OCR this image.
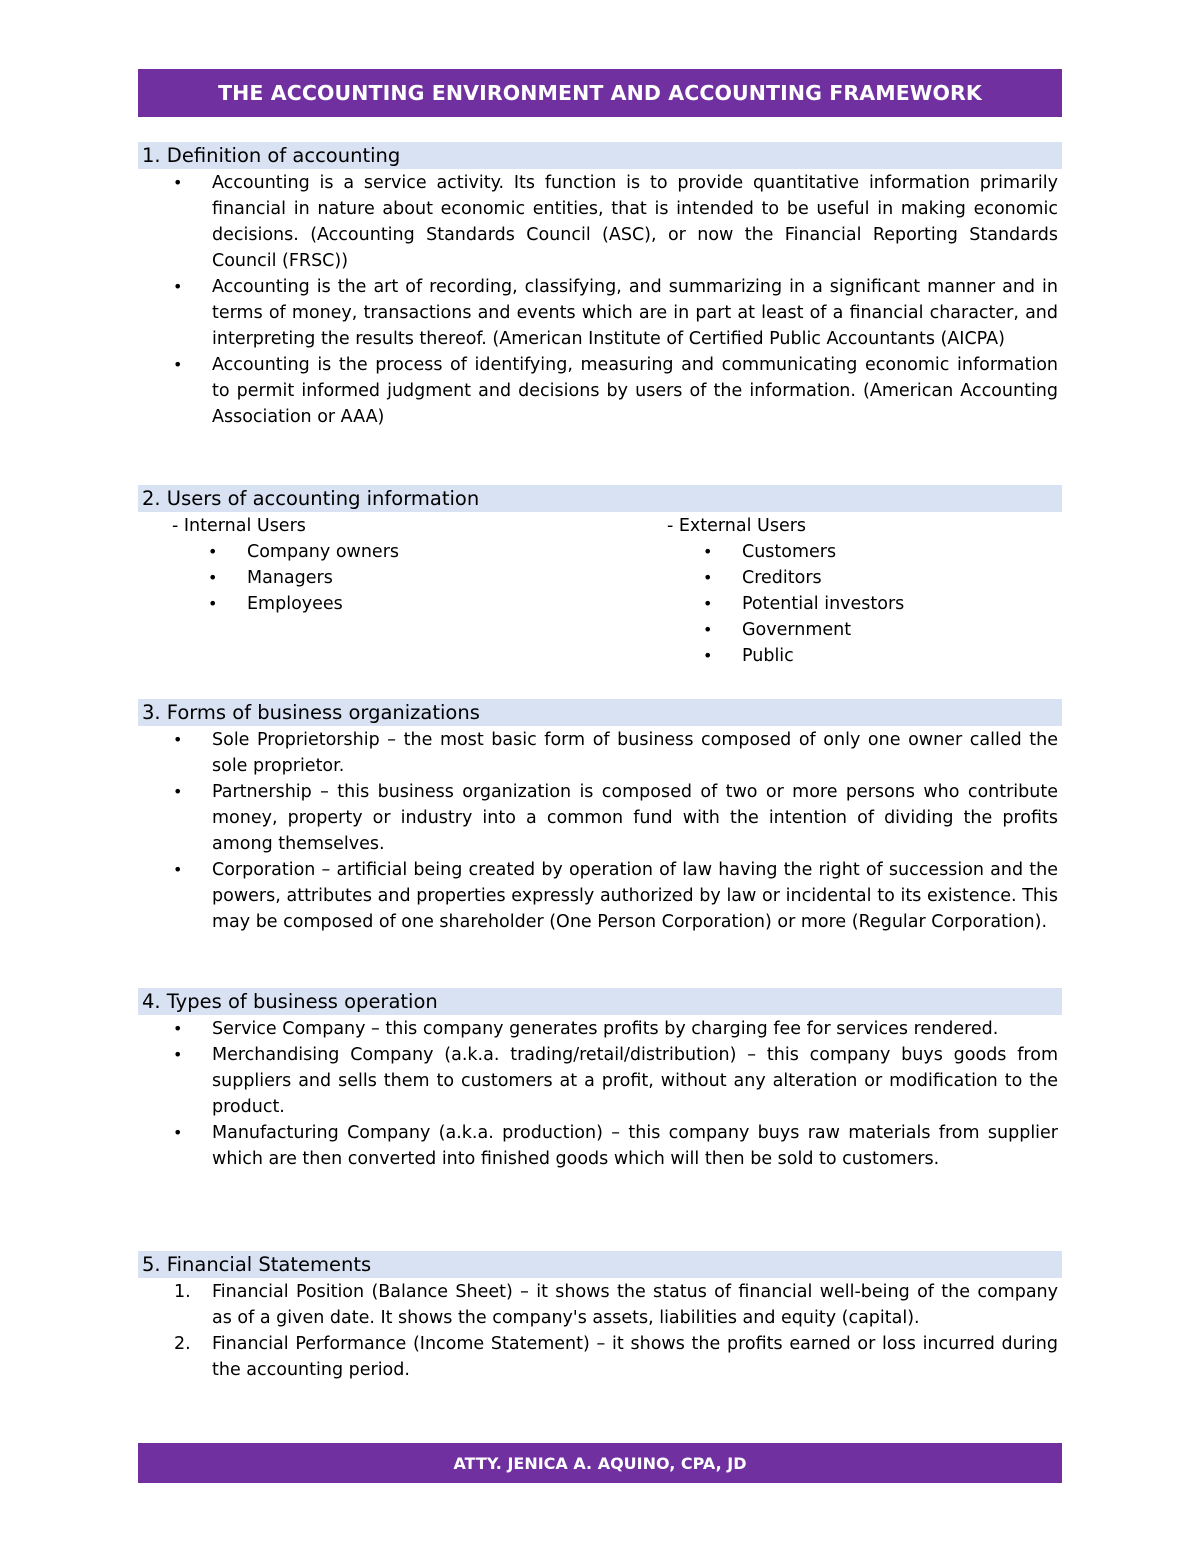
THE ACCOUNTING ENVIRONMENT AND ACCOUNTING FRAMEWORK
1. Definition of accounting
• Accounting is a service activity. Its function is to provide quantitative information primarily financial in nature about economic entities, that is intended to be useful in making economic decisions. (Accounting Standards Council (ASC), or now the Financial Reporting Standards Council (FRSC))
• Accounting is the art of recording, classifying, and summarizing in a significant manner and in terms of money, transactions and events which are in part at least of a financial character, and interpreting the results thereof. (American Institute of Certified Public Accountants (AICPA)
• Accounting is the process of identifying, measuring and communicating economic information to permit informed judgment and decisions by users of the information. (American Accounting Association or AAA)
2. Users of accounting information
- Internal Users
• Company owners
• Managers
• Employees
- External Users
• Customers
• Creditors
• Potential investors
• Government
• Public
3. Forms of business organizations
• Sole Proprietorship – the most basic form of business composed of only one owner called the sole proprietor.
• Partnership – this business organization is composed of two or more persons who contribute money, property or industry into a common fund with the intention of dividing the profits among themselves.
• Corporation – artificial being created by operation of law having the right of succession and the powers, attributes and properties expressly authorized by law or incidental to its existence. This may be composed of one shareholder (One Person Corporation) or more (Regular Corporation).
4. Types of business operation
• Service Company – this company generates profits by charging fee for services rendered.
• Merchandising Company (a.k.a. trading/retail/distribution) – this company buys goods from suppliers and sells them to customers at a profit, without any alteration or modification to the product.
• Manufacturing Company (a.k.a. production) – this company buys raw materials from supplier which are then converted into finished goods which will then be sold to customers.
5. Financial Statements
Financial Position (Balance Sheet) – it shows the status of financial well-being of the company as of a given date. It shows the company's assets, liabilities and equity (capital).
Financial Performance (Income Statement) – it shows the profits earned or loss incurred during the accounting period.
ATTY. JENICA A. AQUINO, CPA, JD
